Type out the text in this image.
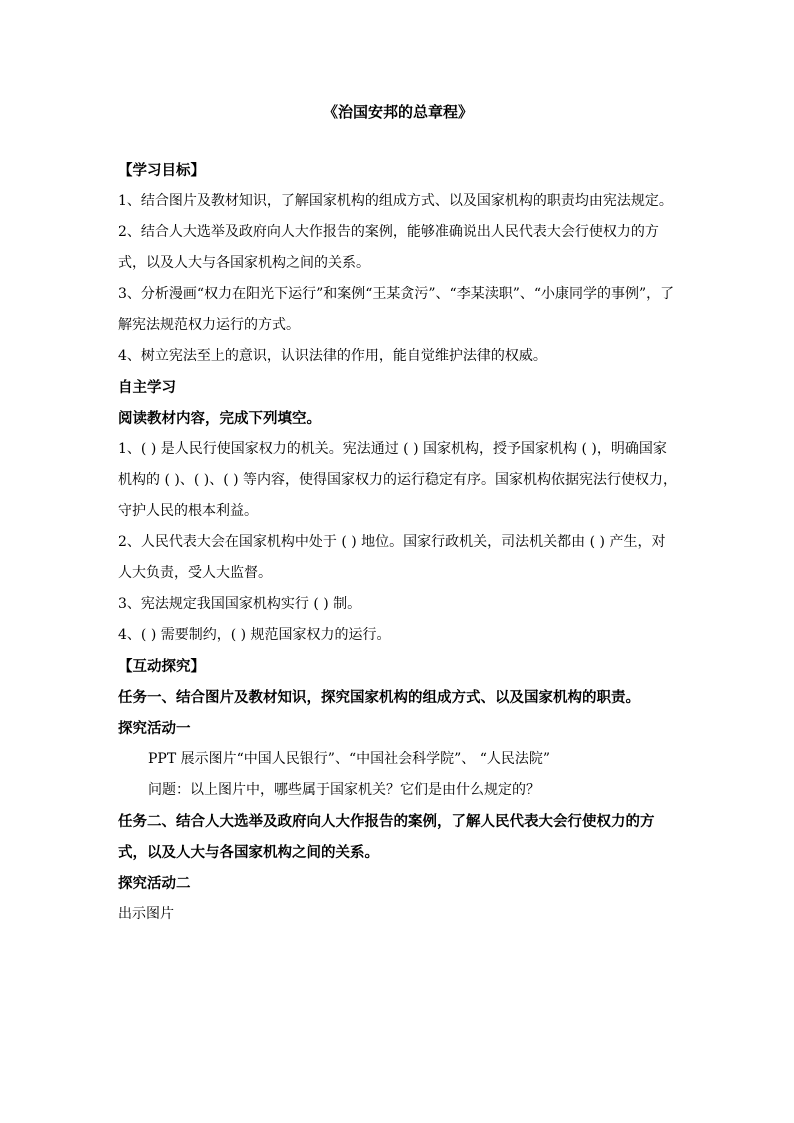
《治国安邦的总章程》

【学习目标】

1、结合图片及教材知识，了解国家机构的组成方式、以及国家机构的职责均由宪法规定。

2、结合人大选举及政府向人大作报告的案例，能够准确说出人民代表大会行使权力的方式，以及人大与各国家机构之间的关系。

3、分析漫画“权力在阳光下运行”和案例“王某贪污”、“李某渎职”、“小康同学的事例”，了解宪法规范权力运行的方式。

4、树立宪法至上的意识，认识法律的作用，能自觉维护法律的权威。

自主学习

阅读教材内容，完成下列填空。

1、( ) 是人民行使国家权力的机关。宪法通过 ( ) 国家机构，授予国家机构 ( )，明确国家机构的 ( )、( )、( ) 等内容，使得国家权力的运行稳定有序。国家机构依据宪法行使权力，守护人民的根本利益。

2、人民代表大会在国家机构中处于 ( ) 地位。国家行政机关，司法机关都由 ( ) 产生，对人大负责，受人大监督。

3、宪法规定我国国家机构实行 ( ) 制。

4、( ) 需要制约，( ) 规范国家权力的运行。

【互动探究】

任务一、结合图片及教材知识，探究国家机构的组成方式、以及国家机构的职责。

探究活动一

PPT 展示图片“中国人民银行”、“中国社会科学院”、 “人民法院”

问题：以上图片中，哪些属于国家机关？它们是由什么规定的？

任务二、结合人大选举及政府向人大作报告的案例，了解人民代表大会行使权力的方式，以及人大与各国家机构之间的关系。

探究活动二

出示图片
